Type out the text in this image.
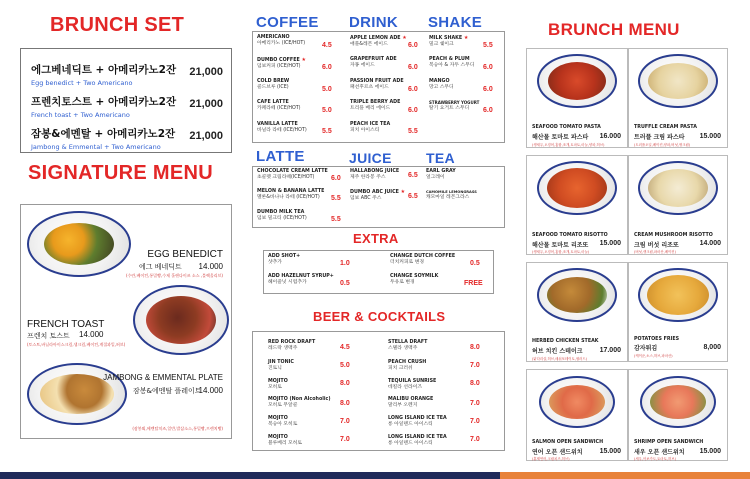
BRUNCH SET
에그베네딕트 + 아메리카노2잔
Egg benedict + Two Americano
21,000
프렌치토스트 + 아메리카노2잔
French toast + Two Americano
21,000
잠봉&에멘탈 + 아메리카노2잔
Jambong & Emmental + Two Americano
21,000
SIGNATURE MENU
EGG BENEDICT
에그 베네딕트 14.000
(수란,베이컨,통밀빵,수제 홀랜다이즈 소스 ,블랙올리브)
FRENCH TOAST
프렌치 토스트 14.000
(토스트,바닐라아이스크림,생크림,베이컨,계절과일,허브)
JAMBONG & EMMENTAL PLATE
잠봉&에멘탈 플레이트
14.000
(잠봉뵈,에멘탈치즈,일반,발삼소스,통밀빵,프렌치빵)
COFFEE DRINK SHAKE
AMERICANO
아메리카노 (ICE/HOT)	4.5
DUMBO COFFEE ★
덤보커피 (ICE/HOT)	6.0
COLD BREW
콜드브루 (ICE)	5.0
CAFE LATTE
카페라떼 (ICE/HOT)	5.0
VANILLA LATTE
바닐라 라떼 (ICE/HOT)	5.5
APPLE LEMON ADE ★
애플&레몬 에이드	6.0
GRAPEFRUIT ADE
자몽 에이드	6.0
PASSION FRUIT ADE
패션후르츠 에이드	6.0
TRIPLE BERRY ADE
트리플 베리 에이드	6.0
PEACH ICE TEA
피치 아이스티	5.5
MILK SHAKE ★
밀크 쉐이크	5.5
PEACH & PLUM
복숭아 & 자두 스무디	6.0
MANGO
망고 스무디	6.0
STRAWBERRY YOGURT
딸기 요거트 스무디	6.0
LATTE	JUICE TEA
CHOCOLATE CREAM LATTE
초콜렛 크림라떼(ICE/HOT)	6.0
MELON & BANANA LATTE
멜론&바나나 라떼 (ICE/HOT)	5.5
DUMBO MILK TEA
덤보 밀크티 (ICE/HOT)	5.5
HALLABONG JUICE
제주 한라봉 주스	6.5
DUMBO ABC JUICE ★
덤보 ABC 주스	6.5
EARL GRAY
얼그레이
CAMOMILE LEMONGRASS
캐모마일 레몬그라스
EXTRA
ADD SHOT+
샷추가	1.0
ADD HAZELNUT SYRUP+
헤이즐넛 시럽추가	0.5
CHANGE DUTCH COFFEE
더치커피로 변경	0.5
CHANGE SOYMILK
두유로 변경	FREE
BEER & COCKTAILS
RED ROCK DRAFT
레드락 생맥주	4.5
JIN TONIC
진토닉	5.0
MOJITO
모히토
8.0
MOJITO (Non Alcoholic)
모히토 무알콜	8.0
MOJITO
복숭아 모히토	7.0
MOJITO
블루베리 모히토
7.0
STELLA DRAFT
스텔라 생맥주	8.0
PEACH CRUSH
피치 크러쉬	7.0
TEQUILA SUNRISE
데킬라 선라이즈
8.0
MALIBU ORANGE
말리부 오렌지	7.0
LONG ISLAND ICE TEA
롱 아일랜드 아이스티	7.0
LONG ISLAND ICE TEA
롱 아일랜드 아이스티
7.0
BRUNCH MENU
SEAFOOD TOMATO PASTA
해산물 토마토 파스타 16.000
(생새우,오징어,홍합,조개,토마토,마늘,양파,허브)
TRUFFLE CREAM PASTA
트러플 크림 파스타 15.000
(트러플오일,베이컨,양파,버섯,생크림)
SEAFOOD TOMATO RISOTTO
해산물 토마토 리조또 15.000
(생새우,오징어,홍합,조개,토마토,마늘)
CREAM MUSHROOM RISOTTO
크림 버섯 리조또	14.000
(버섯,생크림,파마산,베이컨)
HERBED CHICKEN STEAK
허브 치킨 스테이크 17.000
(닭다리살,허브,매쉬포테이토,샐러드)
POTATOES FRIES
감자튀김	8,000
(케이준,소스,허브,파마산)
SALMON OPEN SANDWICH
연어 오픈 샌드위치 15.000
(훈제연어,크림치즈,허브)
SHRIMP OPEN SANDWICH
새우 오픈 샌드위치 15.000
(새우,아보카도,토마토,허브)
